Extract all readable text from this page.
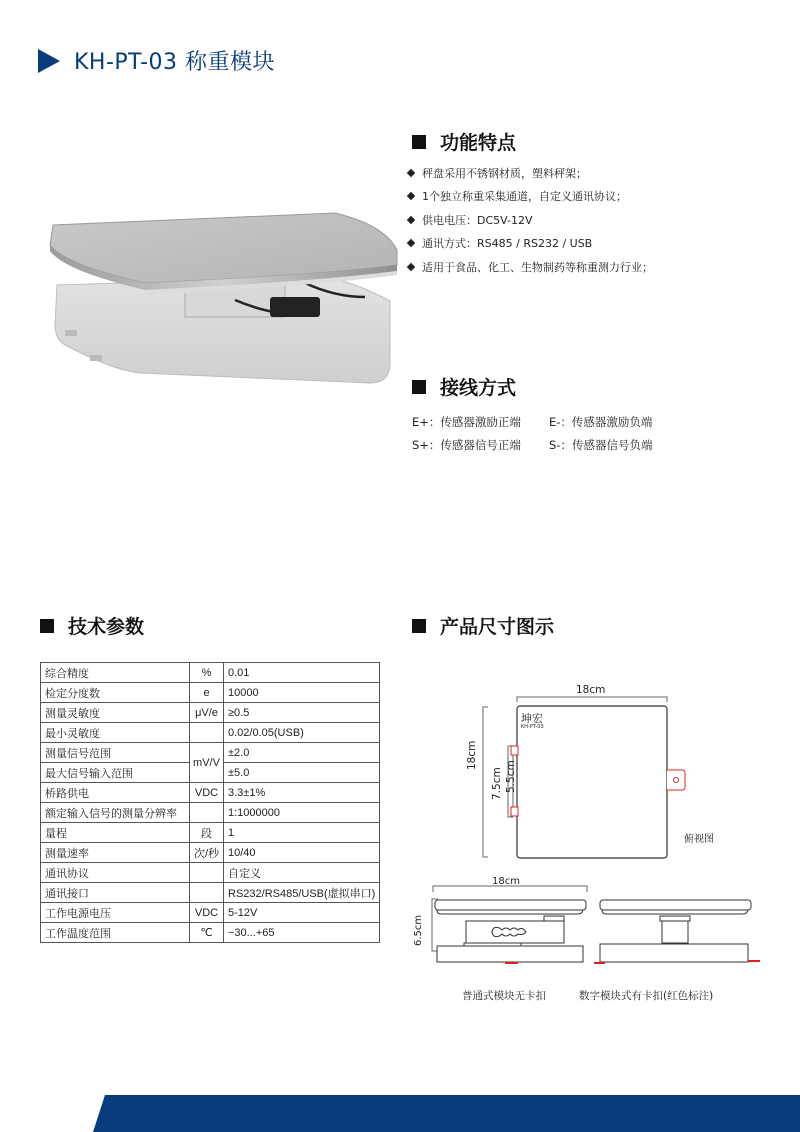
KH-PT-03 称重模块
功能特点
秤盘采用不锈钢材质，塑料秤架；
1个独立称重采集通道，自定义通讯协议；
供电电压：DC5V-12V
通讯方式：RS485 / RS232 / USB
适用于食品、化工、生物制药等称重测力行业；
接线方式
E+：传感器激励正端	E-：传感器激励负端
S+：传感器信号正端	S-：传感器信号负端
技术参数
综合精度	%	0.01
检定分度数	e	10000
测量灵敏度	μV/e	≥0.5
最小灵敏度		0.02/0.05(USB)
测量信号范围	mV/V	±2.0
最大信号输入范围		±5.0
桥路供电	VDC	3.3±1%
额定输入信号的测量分辨率		1:1000000
量程	段	1
测量速率	次/秒	10/40
通讯协议		自定义
通讯接口		RS232/RS485/USB(虚拟串口)
工作电源电压	VDC	5-12V
工作温度范围	℃	−30...+65
产品尺寸图示
18cm
18cm
7.5cm 5.5cm
坤宏
KH-PT-03
俯视图
18cm
6.5cm
普通式模块无卡扣	数字模块式有卡扣(红色标注)
